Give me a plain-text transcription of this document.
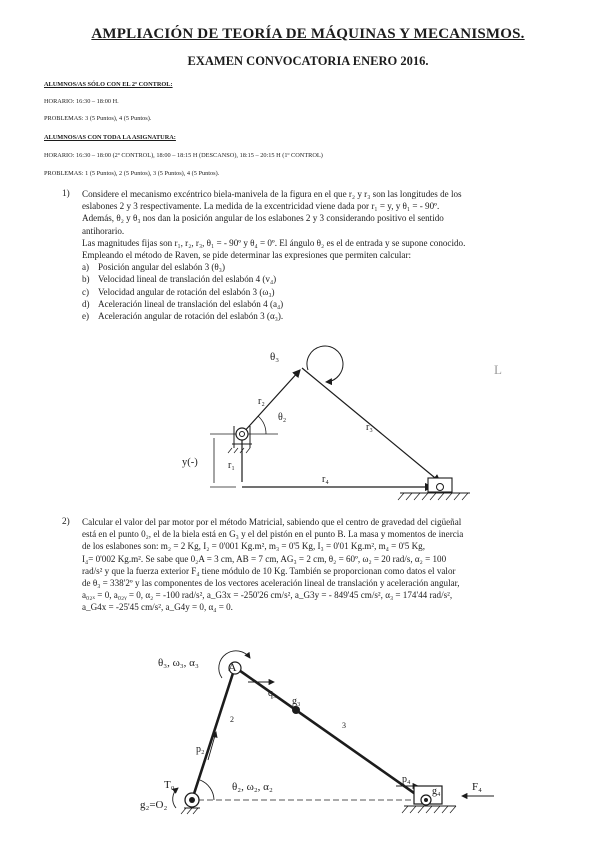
AMPLIACIÓN DE TEORÍA DE MÁQUINAS Y MECANISMOS.
EXAMEN CONVOCATORIA ENERO 2016.
ALUMNOS/AS SÓLO CON EL 2º CONTROL:
HORARIO: 16:30 – 18:00 H.
PROBLEMAS: 3 (5 Puntos), 4 (5 Puntos).
ALUMNOS/AS CON TODA LA ASIGNATURA:
HORARIO: 16:30 – 18:00 (2º CONTROL), 18:00 – 18:15 H (DESCANSO), 18:15 – 20:15 H (1º CONTROL)
PROBLEMAS: 1 (5 Puntos), 2 (5 Puntos), 3 (5 Puntos), 4 (5 Puntos).
1) Considere el mecanismo excéntrico biela-manivela de la figura en el que r₂ y r₃ son las longitudes de los
eslabones 2 y 3 respectivamente. La medida de la excentricidad viene dada por r₁ = y, y θ₁ = - 90º.
Además, θ₂ y θ₃ nos dan la posición angular de los eslabones 2 y 3 considerando positivo el sentido
antihorario.
Las magnitudes fijas son r₁, r₂, r₃, θ₁ = - 90º y θ₄ = 0º. El ángulo θ₂ es el de entrada y se supone conocido.
Empleando el método de Raven, se pide determinar las expresiones que permiten calcular:
a) Posición angular del eslabón 3 (θ₃)
b) Velocidad lineal de translación del eslabón 4 (v₄)
c) Velocidad angular de rotación del eslabón 3 (ω₃)
d) Aceleración lineal de translación del eslabón 4 (a₄)
e) Aceleración angular de rotación del eslabón 3 (α₃).
θ₃
r₃
r₂
θ₂
r₁
r₄
y(-)
L
2) Calcular el valor del par motor por el método Matricial, sabiendo que el centro de gravedad del cigüeñal
está en el punto 0₂, el de la biela está en G₃ y el del pistón en el punto B. La masa y momentos de inercia
de los eslabones son: m₂ = 2 Kg, I₂ = 0'001 Kg.m², m₃ = 0'5 Kg, I₃ = 0'01 Kg.m², m₄ = 0'5 Kg,
I₄= 0'002 Kg.m². Se sabe que 0₂A = 3 cm, AB = 7 cm, AG₃ = 2 cm, θ₂ = 60º, ω₂ = 20 rad/s, α₂ = 100
rad/s² y que la fuerza exterior F₄ tiene módulo de 10 Kg. También se proporcionan como datos el valor
de θ₃ = 338'2º y las componentes de los vectores aceleración lineal de translación y aceleración angular,
a₀₂ₓ = 0, a₀₂ᵧ = 0, α₂ = -100 rad/s², a_G3x = -250'26 cm/s², a_G3y = - 849'45 cm/s², α₃ = 174'44 rad/s²,
a_G4x = -25'45 cm/s², a_G4y = 0, α₄ = 0.
A
θ₃, ω₃, α₃
q₃
g₃
3
2
p₂
p₄
g₄	F₄
θ₂, ω₂, α₂
T₀
g₂=O₂
